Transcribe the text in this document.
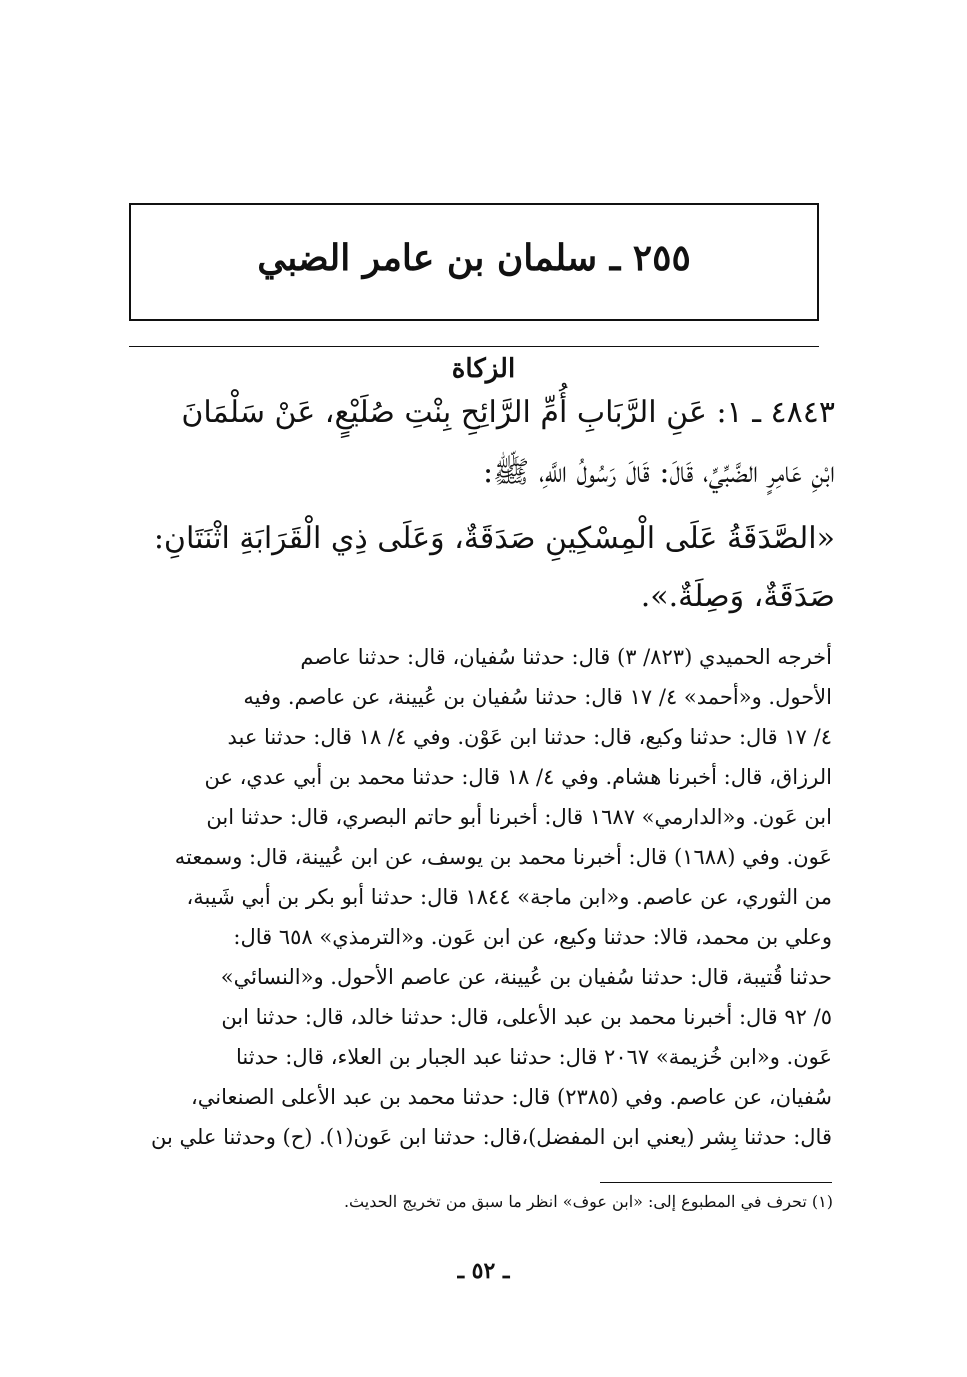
٢٥٥ ـ سلمان بن عامر الضبي
الزكاة
٤٨٤٣ ـ ١: عَنِ الرَّبَابِ أُمِّ الرَّائِحِ بِنْتِ صُلَيْعٍ، عَنْ سَلْمَانَ
ابْنِ عَامِرٍ الضَّبِّيِّ، قَالَ: قَالَ رَسُولُ اللَّهِ، ﷺ:
«الصَّدَقَةُ عَلَى الْمِسْكِينِ صَدَقَةٌ، وَعَلَى ذِي الْقَرَابَةِ اثْنَتَانِ:
صَدَقَةٌ، وَصِلَةٌ.».
أخرجه الحميدي (٨٢٣/ ٣) قال: حدثنا سُفيان، قال: حدثنا عاصم
الأحول. و«أحمد» ٤/ ١٧ قال: حدثنا سُفيان بن عُيينة، عن عاصم. وفيه
٤/ ١٧ قال: حدثنا وكيع، قال: حدثنا ابن عَوْن. وفي ٤/ ١٨ قال: حدثنا عبد
الرزاق، قال: أخبرنا هشام. وفي ٤/ ١٨ قال: حدثنا محمد بن أبي عدي، عن
ابن عَون. و«الدارمي» ١٦٨٧ قال: أخبرنا أبو حاتم البصري، قال: حدثنا ابن
عَون. وفي (١٦٨٨) قال: أخبرنا محمد بن يوسف، عن ابن عُيينة، قال: وسمعته
من الثوري، عن عاصم. و«ابن ماجة» ١٨٤٤ قال: حدثنا أبو بكر بن أبي شَيبة،
وعلي بن محمد، قالا: حدثنا وكيع، عن ابن عَون. و«الترمذي» ٦٥٨ قال:
حدثنا قُتيبة، قال: حدثنا سُفيان بن عُيينة، عن عاصم الأحول. و«النسائي»
٥/ ٩٢ قال: أخبرنا محمد بن عبد الأعلى، قال: حدثنا خالد، قال: حدثنا ابن
عَون. و«ابن خُزيمة» ٢٠٦٧ قال: حدثنا عبد الجبار بن العلاء، قال: حدثنا
سُفيان، عن عاصم. وفي (٢٣٨٥) قال: حدثنا محمد بن عبد الأعلى الصنعاني،
قال: حدثنا بِشر (يعني ابن المفضل)،قال: حدثنا ابن عَون(١). (ح) وحدثنا علي بن
(١) تحرف في المطبوع إلى: «ابن عوف» انظر ما سبق من تخريج الحديث.
ـ ٥٢ ـ
